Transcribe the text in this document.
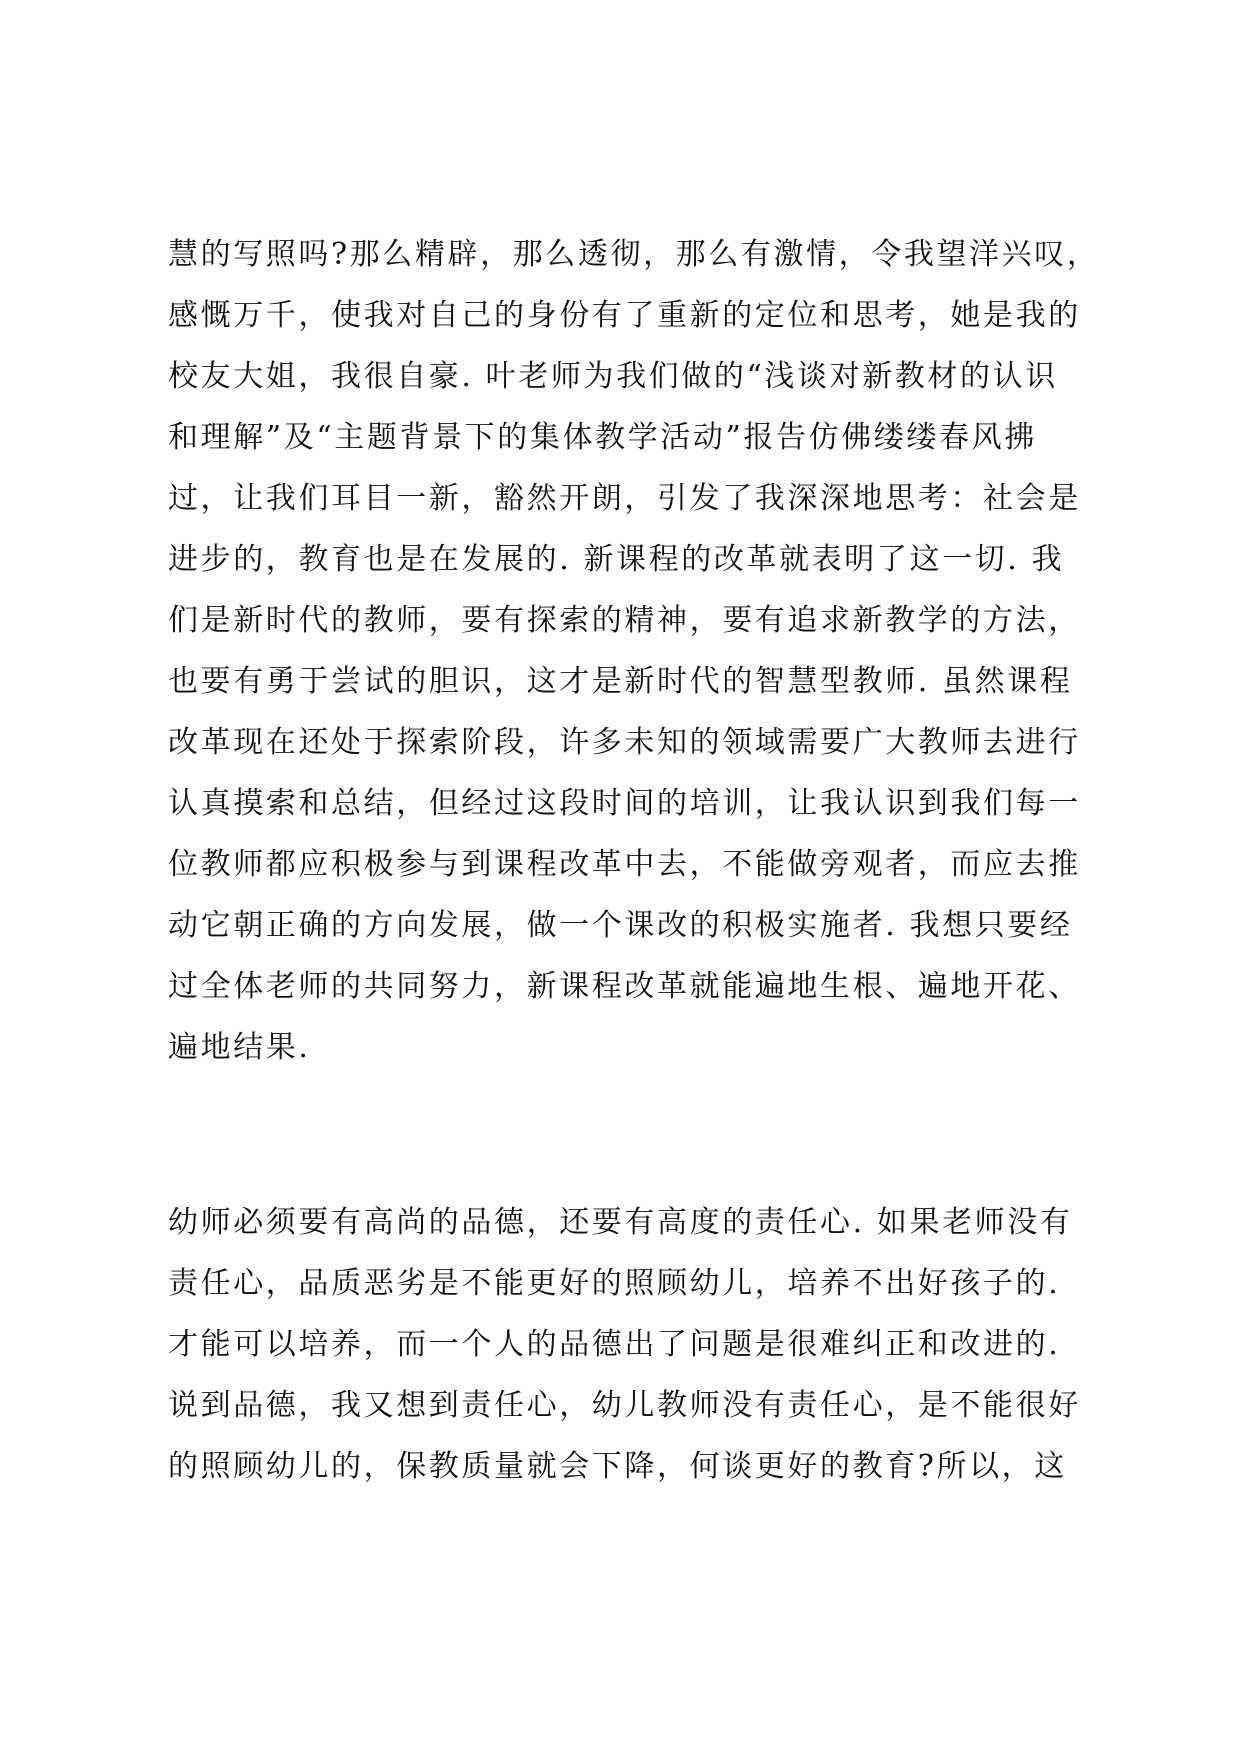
慧的写照吗?那么精辟，那么透彻，那么有激情，令我望洋兴叹，
感慨万千，使我对自己的身份有了重新的定位和思考，她是我的
校友大姐，我很自豪. 叶老师为我们做的“浅谈对新教材的认识
和理解”及“主题背景下的集体教学活动”报告仿佛缕缕春风拂
过，让我们耳目一新，豁然开朗，引发了我深深地思考：社会是
进步的，教育也是在发展的. 新课程的改革就表明了这一切. 我
们是新时代的教师，要有探索的精神，要有追求新教学的方法，
也要有勇于尝试的胆识，这才是新时代的智慧型教师. 虽然课程
改革现在还处于探索阶段，许多未知的领域需要广大教师去进行
认真摸索和总结，但经过这段时间的培训，让我认识到我们每一
位教师都应积极参与到课程改革中去，不能做旁观者，而应去推
动它朝正确的方向发展，做一个课改的积极实施者. 我想只要经
过全体老师的共同努力，新课程改革就能遍地生根、遍地开花、
遍地结果.
幼师必须要有高尚的品德，还要有高度的责任心. 如果老师没有
责任心，品质恶劣是不能更好的照顾幼儿，培养不出好孩子的.
才能可以培养，而一个人的品德出了问题是很难纠正和改进的.
说到品德，我又想到责任心，幼儿教师没有责任心，是不能很好
的照顾幼儿的，保教质量就会下降，何谈更好的教育?所以，这
